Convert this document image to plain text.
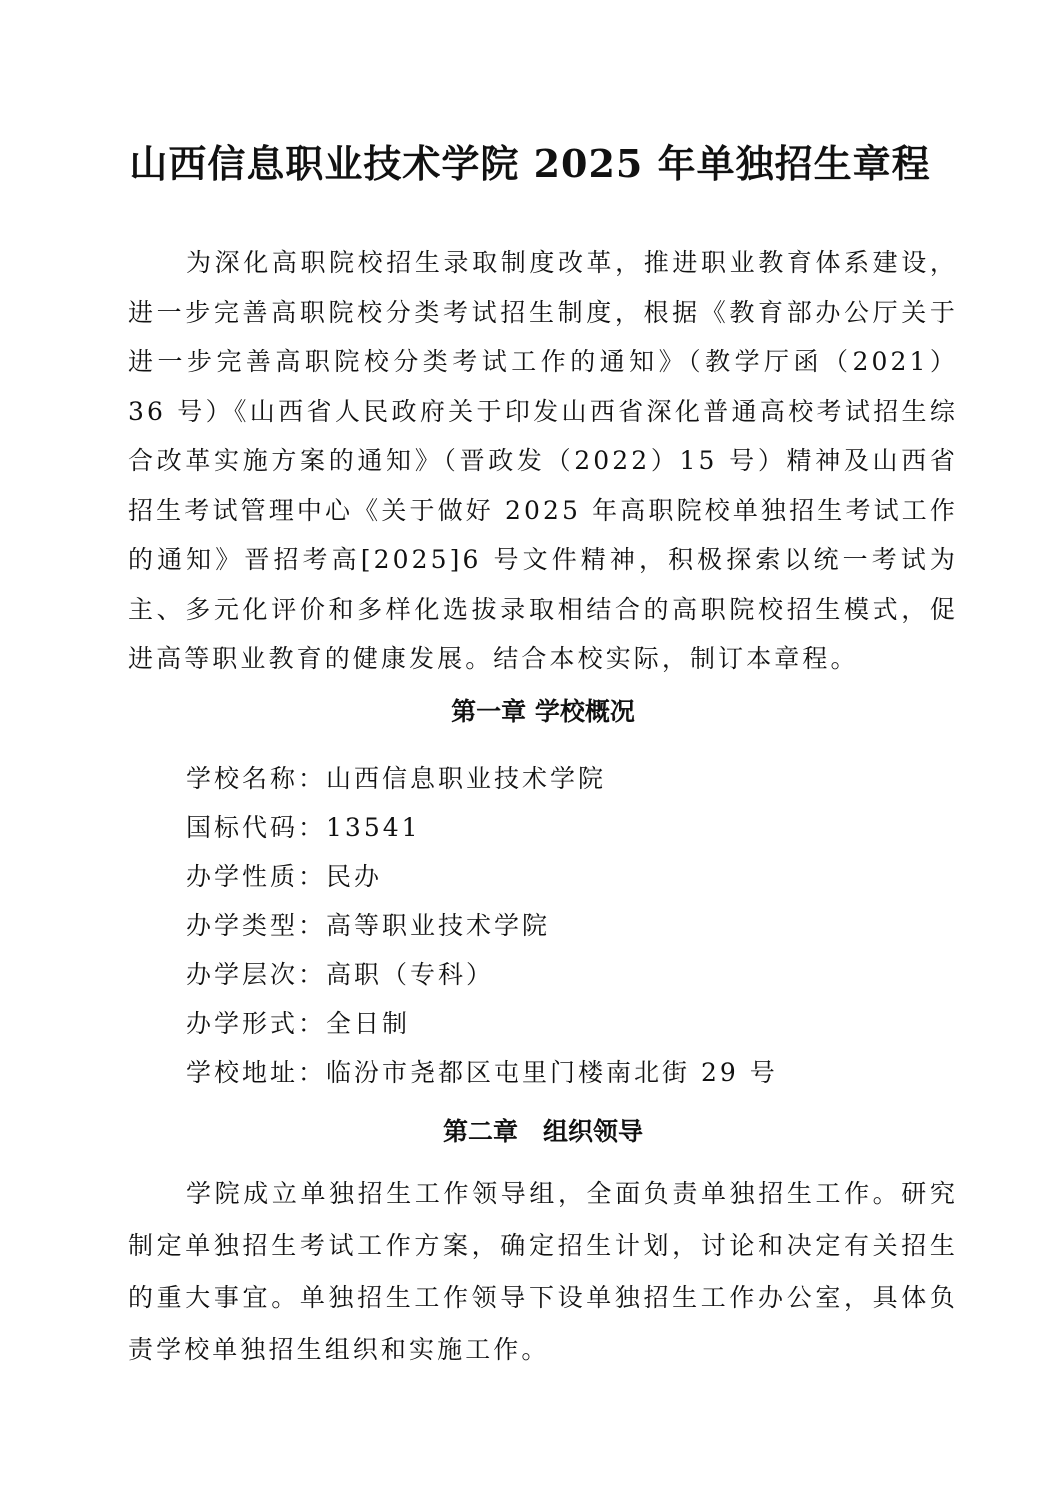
山西信息职业技术学院 2025 年单独招生章程

为深化高职院校招生录取制度改革，推进职业教育体系建设，进一步完善高职院校分类考试招生制度，根据《教育部办公厅关于进一步完善高职院校分类考试工作的通知》（教学厅函（2021）36 号）《山西省人民政府关于印发山西省深化普通高校考试招生综合改革实施方案的通知》（晋政发（2022）15 号）精神及山西省招生考试管理中心《关于做好 2025 年高职院校单独招生考试工作的通知》晋招考高[2025]6 号文件精神，积极探索以统一考试为主、多元化评价和多样化选拔录取相结合的高职院校招生模式，促进高等职业教育的健康发展。结合本校实际，制订本章程。

第一章 学校概况
学校名称：山西信息职业技术学院
国标代码：13541
办学性质：民办
办学类型：高等职业技术学院
办学层次：高职（专科）
办学形式：全日制
学校地址：临汾市尧都区屯里门楼南北街 29 号
第二章　组织领导

学院成立单独招生工作领导组，全面负责单独招生工作。研究制定单独招生考试工作方案，确定招生计划，讨论和决定有关招生的重大事宜。单独招生工作领导下设单独招生工作办公室，具体负责学校单独招生组织和实施工作。
